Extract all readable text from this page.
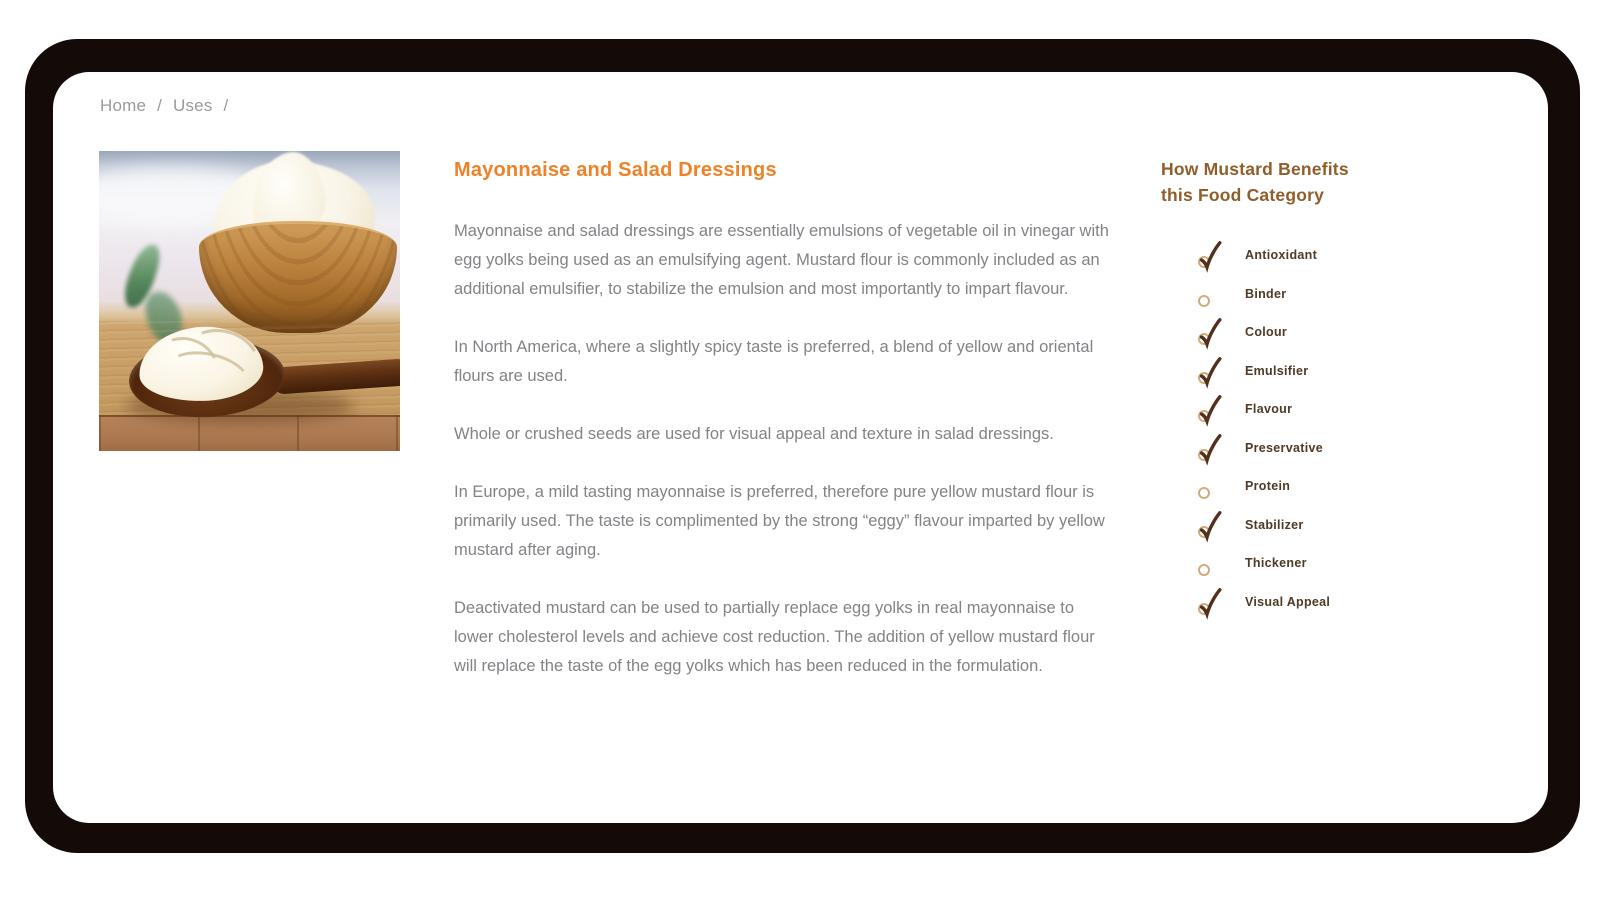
Home / Uses /
Mayonnaise and Salad Dressings

Mayonnaise and salad dressings are essentially emulsions of vegetable oil in vinegar with egg yolks being used as an emulsifying agent. Mustard flour is commonly included as an additional emulsifier, to stabilize the emulsion and most importantly to impart flavour.

In North America, where a slightly spicy taste is preferred, a blend of yellow and oriental flours are used.

Whole or crushed seeds are used for visual appeal and texture in salad dressings.

In Europe, a mild tasting mayonnaise is preferred, therefore pure yellow mustard flour is primarily used. The taste is complimented by the strong “eggy” flavour imparted by yellow mustard after aging.

Deactivated mustard can be used to partially replace egg yolks in real mayonnaise to lower cholesterol levels and achieve cost reduction. The addition of yellow mustard flour will replace the taste of the egg yolks which has been reduced in the formulation.

How Mustard Benefits
this Food Category
Antioxidant
Binder
Colour
Emulsifier
Flavour
Preservative
Protein
Stabilizer
Thickener
Visual Appeal
